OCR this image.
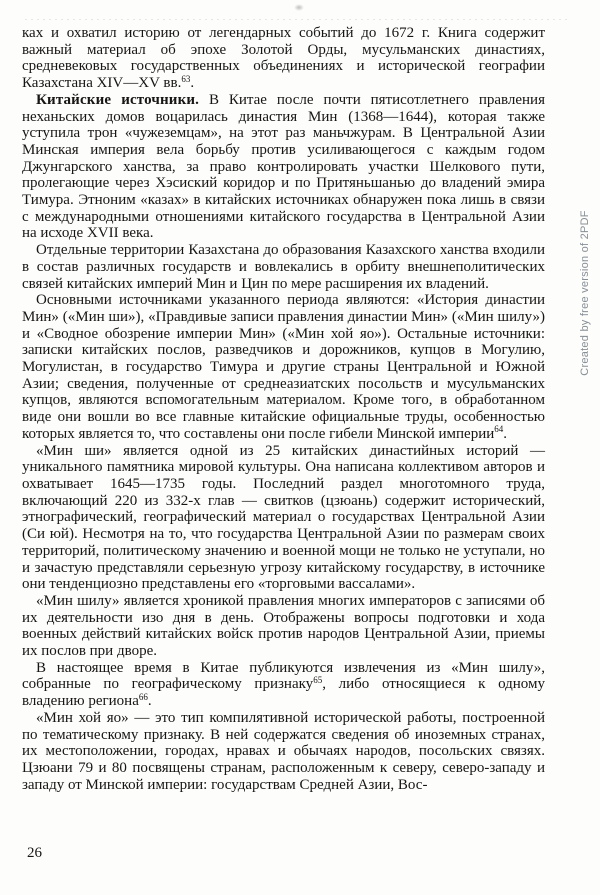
ках и охватил историю от легендарных событий до 1672 г. Книга содержит важный материал об эпохе Золотой Орды, мусульманских династиях, средневековых государственных объединениях и исторической географии Казахстана XIV—XV вв.$^{63}$.

Китайские источники. В Китае после почти пятисотлетнего правления неханьских домов воцарилась династия Мин (1368—1644), которая также уступила трон «чужеземцам», на этот раз маньчжурам. В Центральной Азии Минская империя вела борьбу против усиливающегося с каждым годом Джунгарского ханства, за право контролировать участки Шелкового пути, пролегающие через Хэсиский коридор и по Притяньшанью до владений эмира Тимура. Этноним «казах» в китайских источниках обнаружен пока лишь в связи с международными отношениями китайского государства в Центральной Азии на исходе XVII века.

Отдельные территории Казахстана до образования Казахского ханства входили в состав различных государств и вовлекались в орбиту внешнеполитических связей китайских империй Мин и Цин по мере расширения их владений.

Основными источниками указанного периода являются: «История династии Мин» («Мин ши»), «Правдивые записи правления династии Мин» («Мин шилу») и «Сводное обозрение империи Мин» («Мин хой яо»). Остальные источники: записки китайских послов, разведчиков и дорожников, купцов в Могулию, Могулистан, в государство Тимура и другие страны Центральной и Южной Азии; сведения, полученные от среднеазиатских посольств и мусульманских купцов, являются вспомогательным материалом. Кроме того, в обработанном виде они вошли во все главные китайские официальные труды, особенностью которых является то, что составлены они после гибели Минской империи$^{64}$.

«Мин ши» является одной из 25 китайских династийных историй — уникального памятника мировой культуры. Она написана коллективом авторов и охватывает 1645—1735 годы. Последний раздел многотомного труда, включающий 220 из 332-х глав — свитков (цзюань) содержит исторический, этнографический, географический материал о государствах Центральной Азии (Си юй). Несмотря на то, что государства Центральной Азии по размерам своих территорий, политическому значению и военной мощи не только не уступали, но и зачастую представляли серьезную угрозу китайскому государству, в источнике они тенденциозно представлены его «торговыми вассалами».

«Мин шилу» является хроникой правления многих императоров с записями об их деятельности изо дня в день. Отображены вопросы подготовки и хода военных действий китайских войск против народов Центральной Азии, приемы их послов при дворе.

В настоящее время в Китае публикуются извлечения из «Мин шилу», собранные по географическому признаку$^{65}$, либо относящиеся к одному владению региона$^{66}$.

«Мин хой яо» — это тип компилятивной исторической работы, построенной по тематическому признаку. В ней содержатся сведения об иноземных странах, их местоположении, городах, нравах и обычаях народов, посольских связях. Цзюани 79 и 80 посвящены странам, расположенным к северу, северо-западу и западу от Минской империи: государствам Средней Азии, Вос-

26
Created by free version of 2PDF
